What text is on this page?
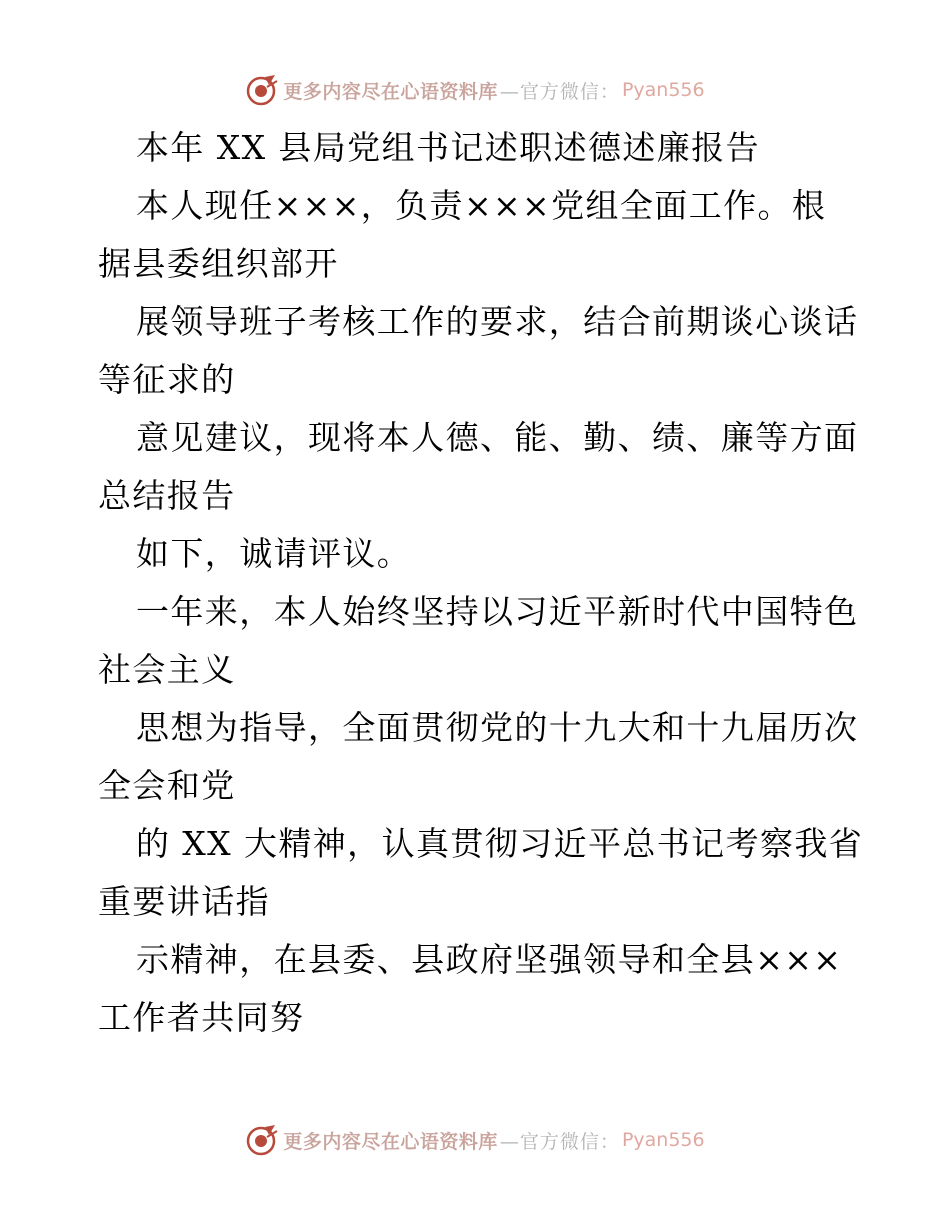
更多内容尽在心语资料库 —官方微信： Pyan556
本年 XX 县局党组书记述职述德述廉报告
本人现任×××，负责×××党组全面工作。根
据县委组织部开
展领导班子考核工作的要求，结合前期谈心谈话
等征求的
意见建议，现将本人德、能、勤、绩、廉等方面
总结报告
如下，诚请评议。
一年来，本人始终坚持以习近平新时代中国特色
社会主义
思想为指导，全面贯彻党的十九大和十九届历次
全会和党
的 XX 大精神，认真贯彻习近平总书记考察我省
重要讲话指
示精神，在县委、县政府坚强领导和全县×××
工作者共同努
更多内容尽在心语资料库 —官方微信： Pyan556
